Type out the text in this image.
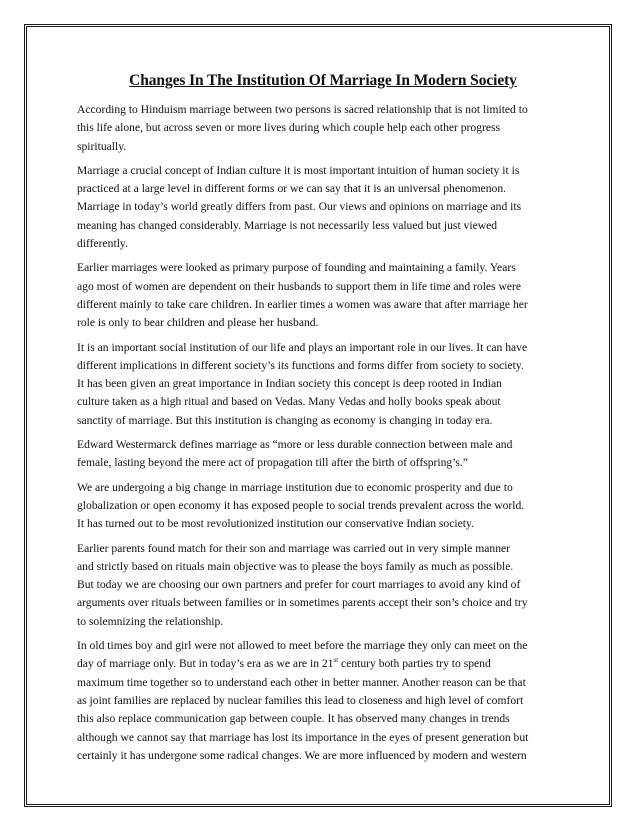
Changes In The Institution Of Marriage In Modern Society
According to Hinduism marriage between two persons is sacred relationship that is not limited to
this life alone, but across seven or more lives during which couple help each other progress
spiritually.
Marriage a crucial concept of Indian culture it is most important intuition of human society it is
practiced at a large level in different forms or we can say that it is an universal phenomenon.
Marriage in today’s world greatly differs from past. Our views and opinions on marriage and its
meaning has changed considerably. Marriage is not necessarily less valued but just viewed
differently.
Earlier marriages were looked as primary purpose of founding and maintaining a family. Years
ago most of women are dependent on their husbands to support them in life time and roles were
different mainly to take care children. In earlier times a women was aware that after marriage her
role is only to bear children and please her husband.
It is an important social institution of our life and plays an important role in our lives. It can have
different implications in different society’s its functions and forms differ from society to society.
It has been given an great importance in Indian society this concept is deep rooted in Indian
culture taken as a high ritual and based on Vedas. Many Vedas and holly books speak about
sanctity of marriage. But this institution is changing as economy is changing in today era.
Edward Westermarck defines marriage as “more or less durable connection between male and
female, lasting beyond the mere act of propagation till after the birth of offspring’s.”
We are undergoing a big change in marriage institution due to economic prosperity and due to
globalization or open economy it has exposed people to social trends prevalent across the world.
It has turned out to be most revolutionized institution our conservative Indian society.
Earlier parents found match for their son and marriage was carried out in very simple manner
and strictly based on rituals main objective was to please the boys family as much as possible.
But today we are choosing our own partners and prefer for court marriages to avoid any kind of
arguments over rituals between families or in sometimes parents accept their son’s choice and try
to solemnizing the relationship.
In old times boy and girl were not allowed to meet before the marriage they only can meet on the
day of marriage only. But in today’s era as we are in 21st century both parties try to spend
maximum time together so to understand each other in better manner. Another reason can be that
as joint families are replaced by nuclear families this lead to closeness and high level of comfort
this also replace communication gap between couple. It has observed many changes in trends
although we cannot say that marriage has lost its importance in the eyes of present generation but
certainly it has undergone some radical changes. We are more influenced by modern and western
